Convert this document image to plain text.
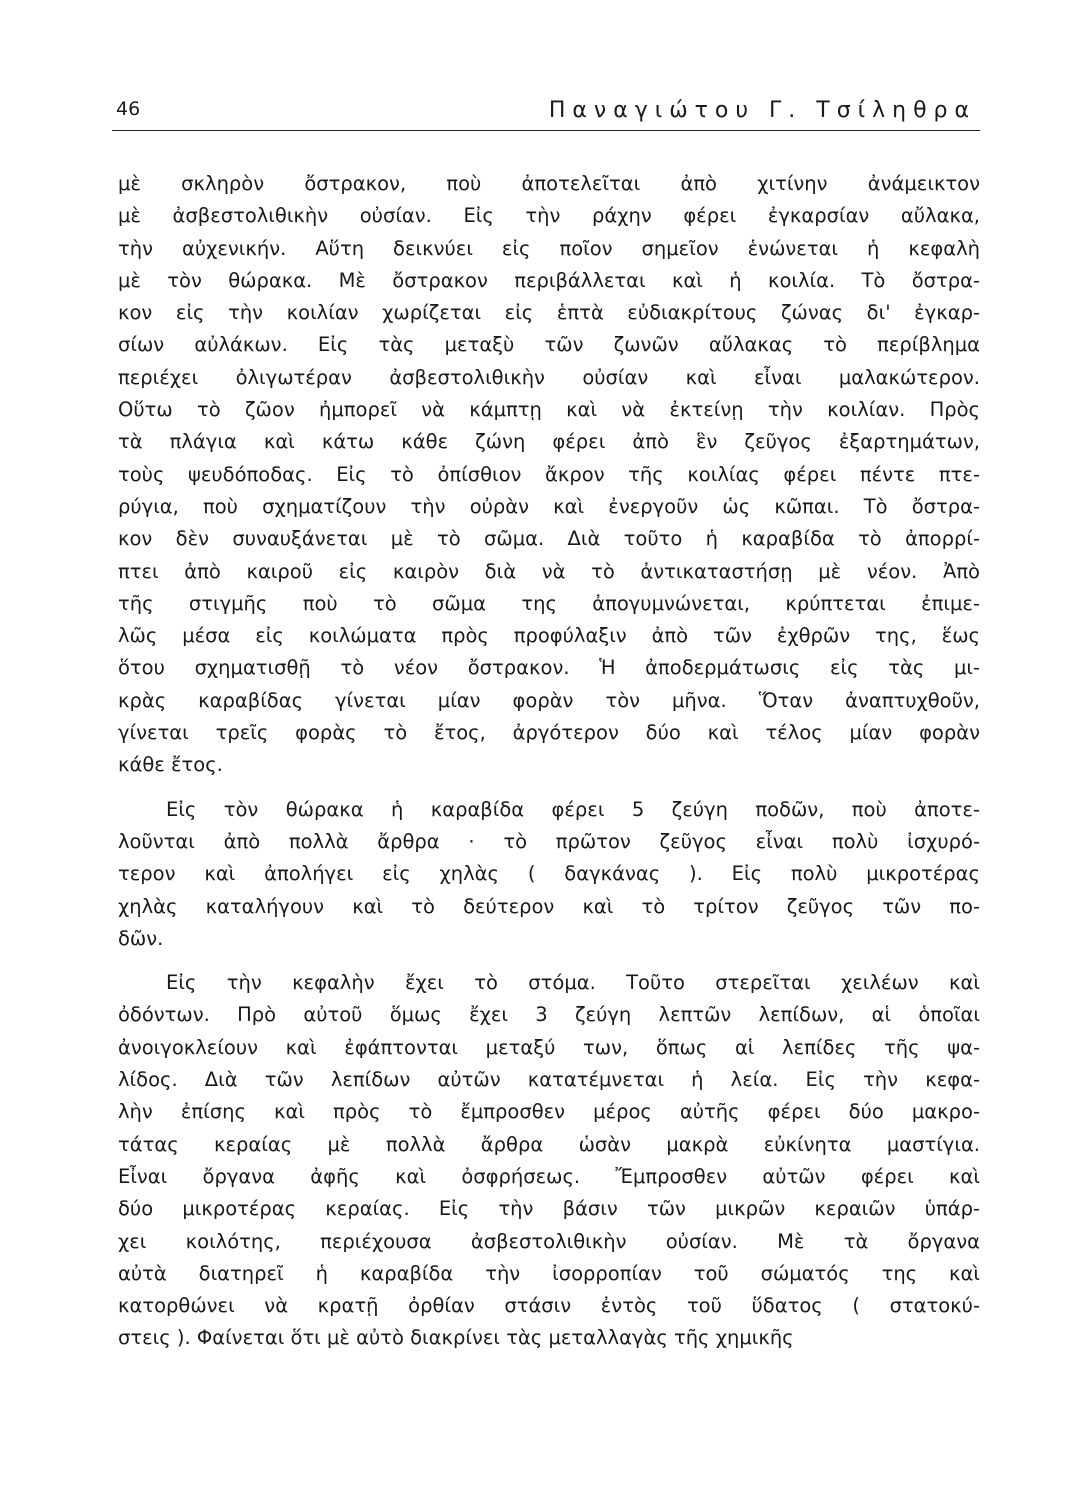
46	Παναγιώτου Γ. Τσίληθρα
μὲ σκληρὸν ὄστρακον, ποὺ ἀποτελεῖται ἀπὸ χιτίνην ἀνάμεικτον
μὲ ἀσβεστολιθικὴν οὐσίαν. Εἰς τὴν ράχην φέρει ἐγκαρσίαν αὔλακα,
τὴν αὐχενικήν. Αὕτη δεικνύει εἰς ποῖον σημεῖον ἑνώνεται ἡ κεφαλὴ
μὲ τὸν θώρακα. Μὲ ὄστρακον περιβάλλεται καὶ ἡ κοιλία. Τὸ ὄστρα-
κον εἰς τὴν κοιλίαν χωρίζεται εἰς ἑπτὰ εὐδιακρίτους ζώνας δι' ἐγκαρ-
σίων αὐλάκων. Εἰς τὰς μεταξὺ τῶν ζωνῶν αὔλακας τὸ περίβλημα
περιέχει ὀλιγωτέραν ἀσβεστολιθικὴν οὐσίαν καὶ εἶναι μαλακώτερον.
Οὕτω τὸ ζῶον ἠμπορεῖ νὰ κάμπτῃ καὶ νὰ ἐκτείνῃ τὴν κοιλίαν. Πρὸς
τὰ πλάγια καὶ κάτω κάθε ζώνη φέρει ἀπὸ ἓν ζεῦγος ἐξαρτημάτων,
τοὺς ψευδόποδας. Εἰς τὸ ὀπίσθιον ἄκρον τῆς κοιλίας φέρει πέντε πτε-
ρύγια, ποὺ σχηματίζουν τὴν οὐρὰν καὶ ἐνεργοῦν ὡς κῶπαι. Τὸ ὄστρα-
κον δὲν συναυξάνεται μὲ τὸ σῶμα. Διὰ τοῦτο ἡ καραβίδα τὸ ἀπορρί-
πτει ἀπὸ καιροῦ εἰς καιρὸν διὰ νὰ τὸ ἀντικαταστήσῃ μὲ νέον. Ἀπὸ
τῆς στιγμῆς ποὺ τὸ σῶμα της ἀπογυμνώνεται, κρύπτεται ἐπιμε-
λῶς μέσα εἰς κοιλώματα πρὸς προφύλαξιν ἀπὸ τῶν ἐχθρῶν της, ἕως
ὅτου σχηματισθῇ τὸ νέον ὄστρακον. Ἡ ἀποδερμάτωσις εἰς τὰς μι-
κρὰς καραβίδας γίνεται μίαν φορὰν τὸν μῆνα. Ὅταν ἀναπτυχθοῦν,
γίνεται τρεῖς φορὰς τὸ ἔτος, ἀργότερον δύο καὶ τέλος μίαν φορὰν
κάθε ἔτος.
Εἰς τὸν θώρακα ἡ καραβίδα φέρει 5 ζεύγη ποδῶν, ποὺ ἀποτε-
λοῦνται ἀπὸ πολλὰ ἄρθρα · τὸ πρῶτον ζεῦγος εἶναι πολὺ ἰσχυρό-
τερον καὶ ἀπολήγει εἰς χηλὰς ( δαγκάνας ). Εἰς πολὺ μικροτέρας
χηλὰς καταλήγουν καὶ τὸ δεύτερον καὶ τὸ τρίτον ζεῦγος τῶν πο-
δῶν.
Εἰς τὴν κεφαλὴν ἔχει τὸ στόμα. Τοῦτο στερεῖται χειλέων καὶ
ὀδόντων. Πρὸ αὐτοῦ ὅμως ἔχει 3 ζεύγη λεπτῶν λεπίδων, αἱ ὁποῖαι
ἀνοιγοκλείουν καὶ ἐφάπτονται μεταξύ των, ὅπως αἱ λεπίδες τῆς ψα-
λίδος. Διὰ τῶν λεπίδων αὐτῶν κατατέμνεται ἡ λεία. Εἰς τὴν κεφα-
λὴν ἐπίσης καὶ πρὸς τὸ ἔμπροσθεν μέρος αὐτῆς φέρει δύο μακρο-
τάτας κεραίας μὲ πολλὰ ἄρθρα ὡσὰν μακρὰ εὐκίνητα μαστίγια.
Εἶναι ὄργανα ἀφῆς καὶ ὀσφρήσεως. Ἔμπροσθεν αὐτῶν φέρει καὶ
δύο μικροτέρας κεραίας. Εἰς τὴν βάσιν τῶν μικρῶν κεραιῶν ὑπάρ-
χει κοιλότης, περιέχουσα ἀσβεστολιθικὴν οὐσίαν. Μὲ τὰ ὄργανα
αὐτὰ διατηρεῖ ἡ καραβίδα τὴν ἰσορροπίαν τοῦ σώματός της καὶ
κατορθώνει νὰ κρατῇ ὀρθίαν στάσιν ἐντὸς τοῦ ὕδατος ( στατοκύ-
στεις ). Φαίνεται ὅτι μὲ αὐτὸ διακρίνει τὰς μεταλλαγὰς τῆς χημικῆς
